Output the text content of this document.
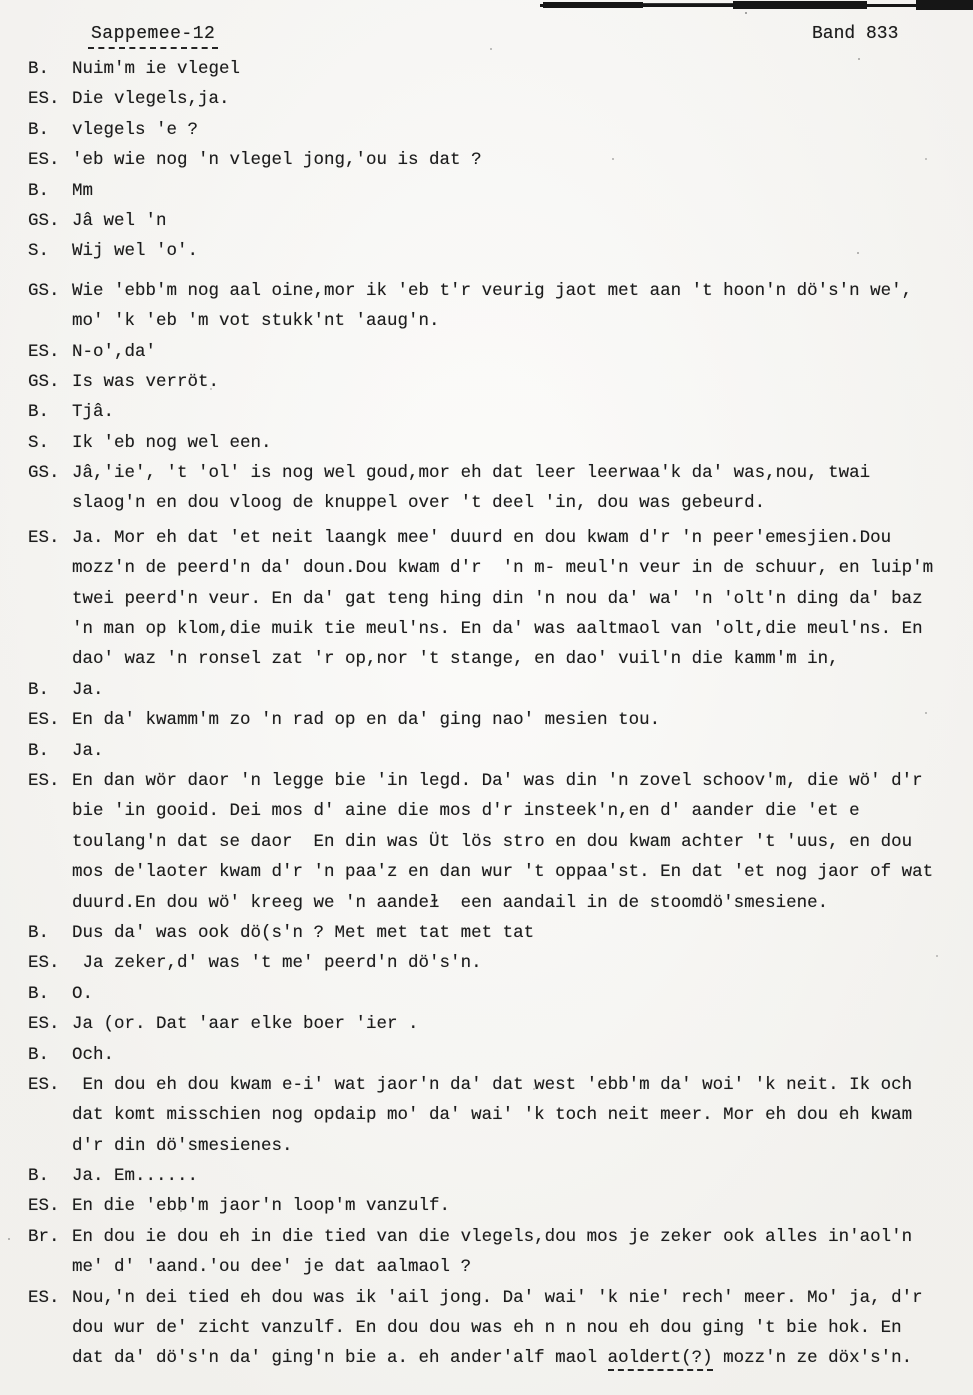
Sappemee-12	Band 833
B. Nuim'm ie vlegel
ES. Die vlegels,ja.
B. vlegels 'e ?
ES. 'eb wie nog 'n vlegel jong,'ou is dat ?
B. Mm
GS. Jâ wel 'n
S. Wij wel 'o'.
GS. Wie 'ebb'm nog aal oine,mor ik 'eb t'r veurig jaot met aan 't hoon'n dö's'n we',
mo' 'k 'eb 'm vot stukk'nt 'aaug'n.
ES. N-o',da'
GS. Is was verröt.
B. Tjâ.
S. Ik 'eb nog wel een.
GS. Jâ,'ie', 't 'ol' is nog wel goud,mor eh dat leer leerwaa'k da' was,nou, twai
slaog'n en dou vloog de knuppel over 't deel 'in, dou was gebeurd.
ES. Ja. Mor eh dat 'et neit laangk mee' duurd en dou kwam d'r 'n peer'emesjien.Dou
mozz'n de peerd'n da' doun.Dou kwam d'r  'n m- meul'n veur in de schuur, en luip'm
twei peerd'n veur. En da' gat teng hing din 'n nou da' wa' 'n 'olt'n ding da' baz
'n man op klom,die muik tie meul'ns. En da' was aaltmaol van 'olt,die meul'ns. En
dao' waz 'n ronsel zat 'r op,nor 't stange, en dao' vuil'n die kamm'm in,
B. Ja.
ES. En da' kwamm'm zo 'n rad op en da' ging nao' mesien tou.
B. Ja.
ES. En dan wör daor 'n legge bie 'in legd. Da' was din 'n zovel schoov'm, die wö' d'r
bie 'in gooid. Dei mos d' aine die mos d'r insteek'n,en d' aander die 'et e
toulang'n dat se daor  En din was Üt lös stro en dou kwam achter 't 'uus, en dou
mos de'laoter kwam d'r 'n paa'z en dan wur 't oppaa'st. En dat 'et nog jaor of wat
duurd.En dou wö' kreeg we 'n aandeɫ  een aandail in de stoomdö'smesiene.
B. Dus da' was ook dö(s'n ? Met met tat met tat
ES. Ja zeker,d' was 't me' peerd'n dö's'n.
B. O.
ES. Ja (or. Dat 'aar elke boer 'ier .
B. Och.
ES. En dou eh dou kwam e-i' wat jaor'n da' dat west 'ebb'm da' woi' 'k neit. Ik och
dat komt misschien nog opdaip mo' da' wai' 'k toch neit meer. Mor eh dou eh kwam
d'r din dö'smesienes.
B. Ja. Em......
ES. En die 'ebb'm jaor'n loop'm vanzulf.
Br. En dou ie dou eh in die tied van die vlegels,dou mos je zeker ook alles in'aol'n
me' d' 'aand.'ou dee' je dat aalmaol ?
ES. Nou,'n dei tied eh dou was ik 'ail jong. Da' wai' 'k nie' rech' meer. Mo' ja, d'r
dou wur de' zicht vanzulf. En dou dou was eh n n nou eh dou ging 't bie hok. En
dat da' dö's'n da' ging'n bie a. eh ander'alf maol aoldert(?) mozz'n ze döx's'n.
